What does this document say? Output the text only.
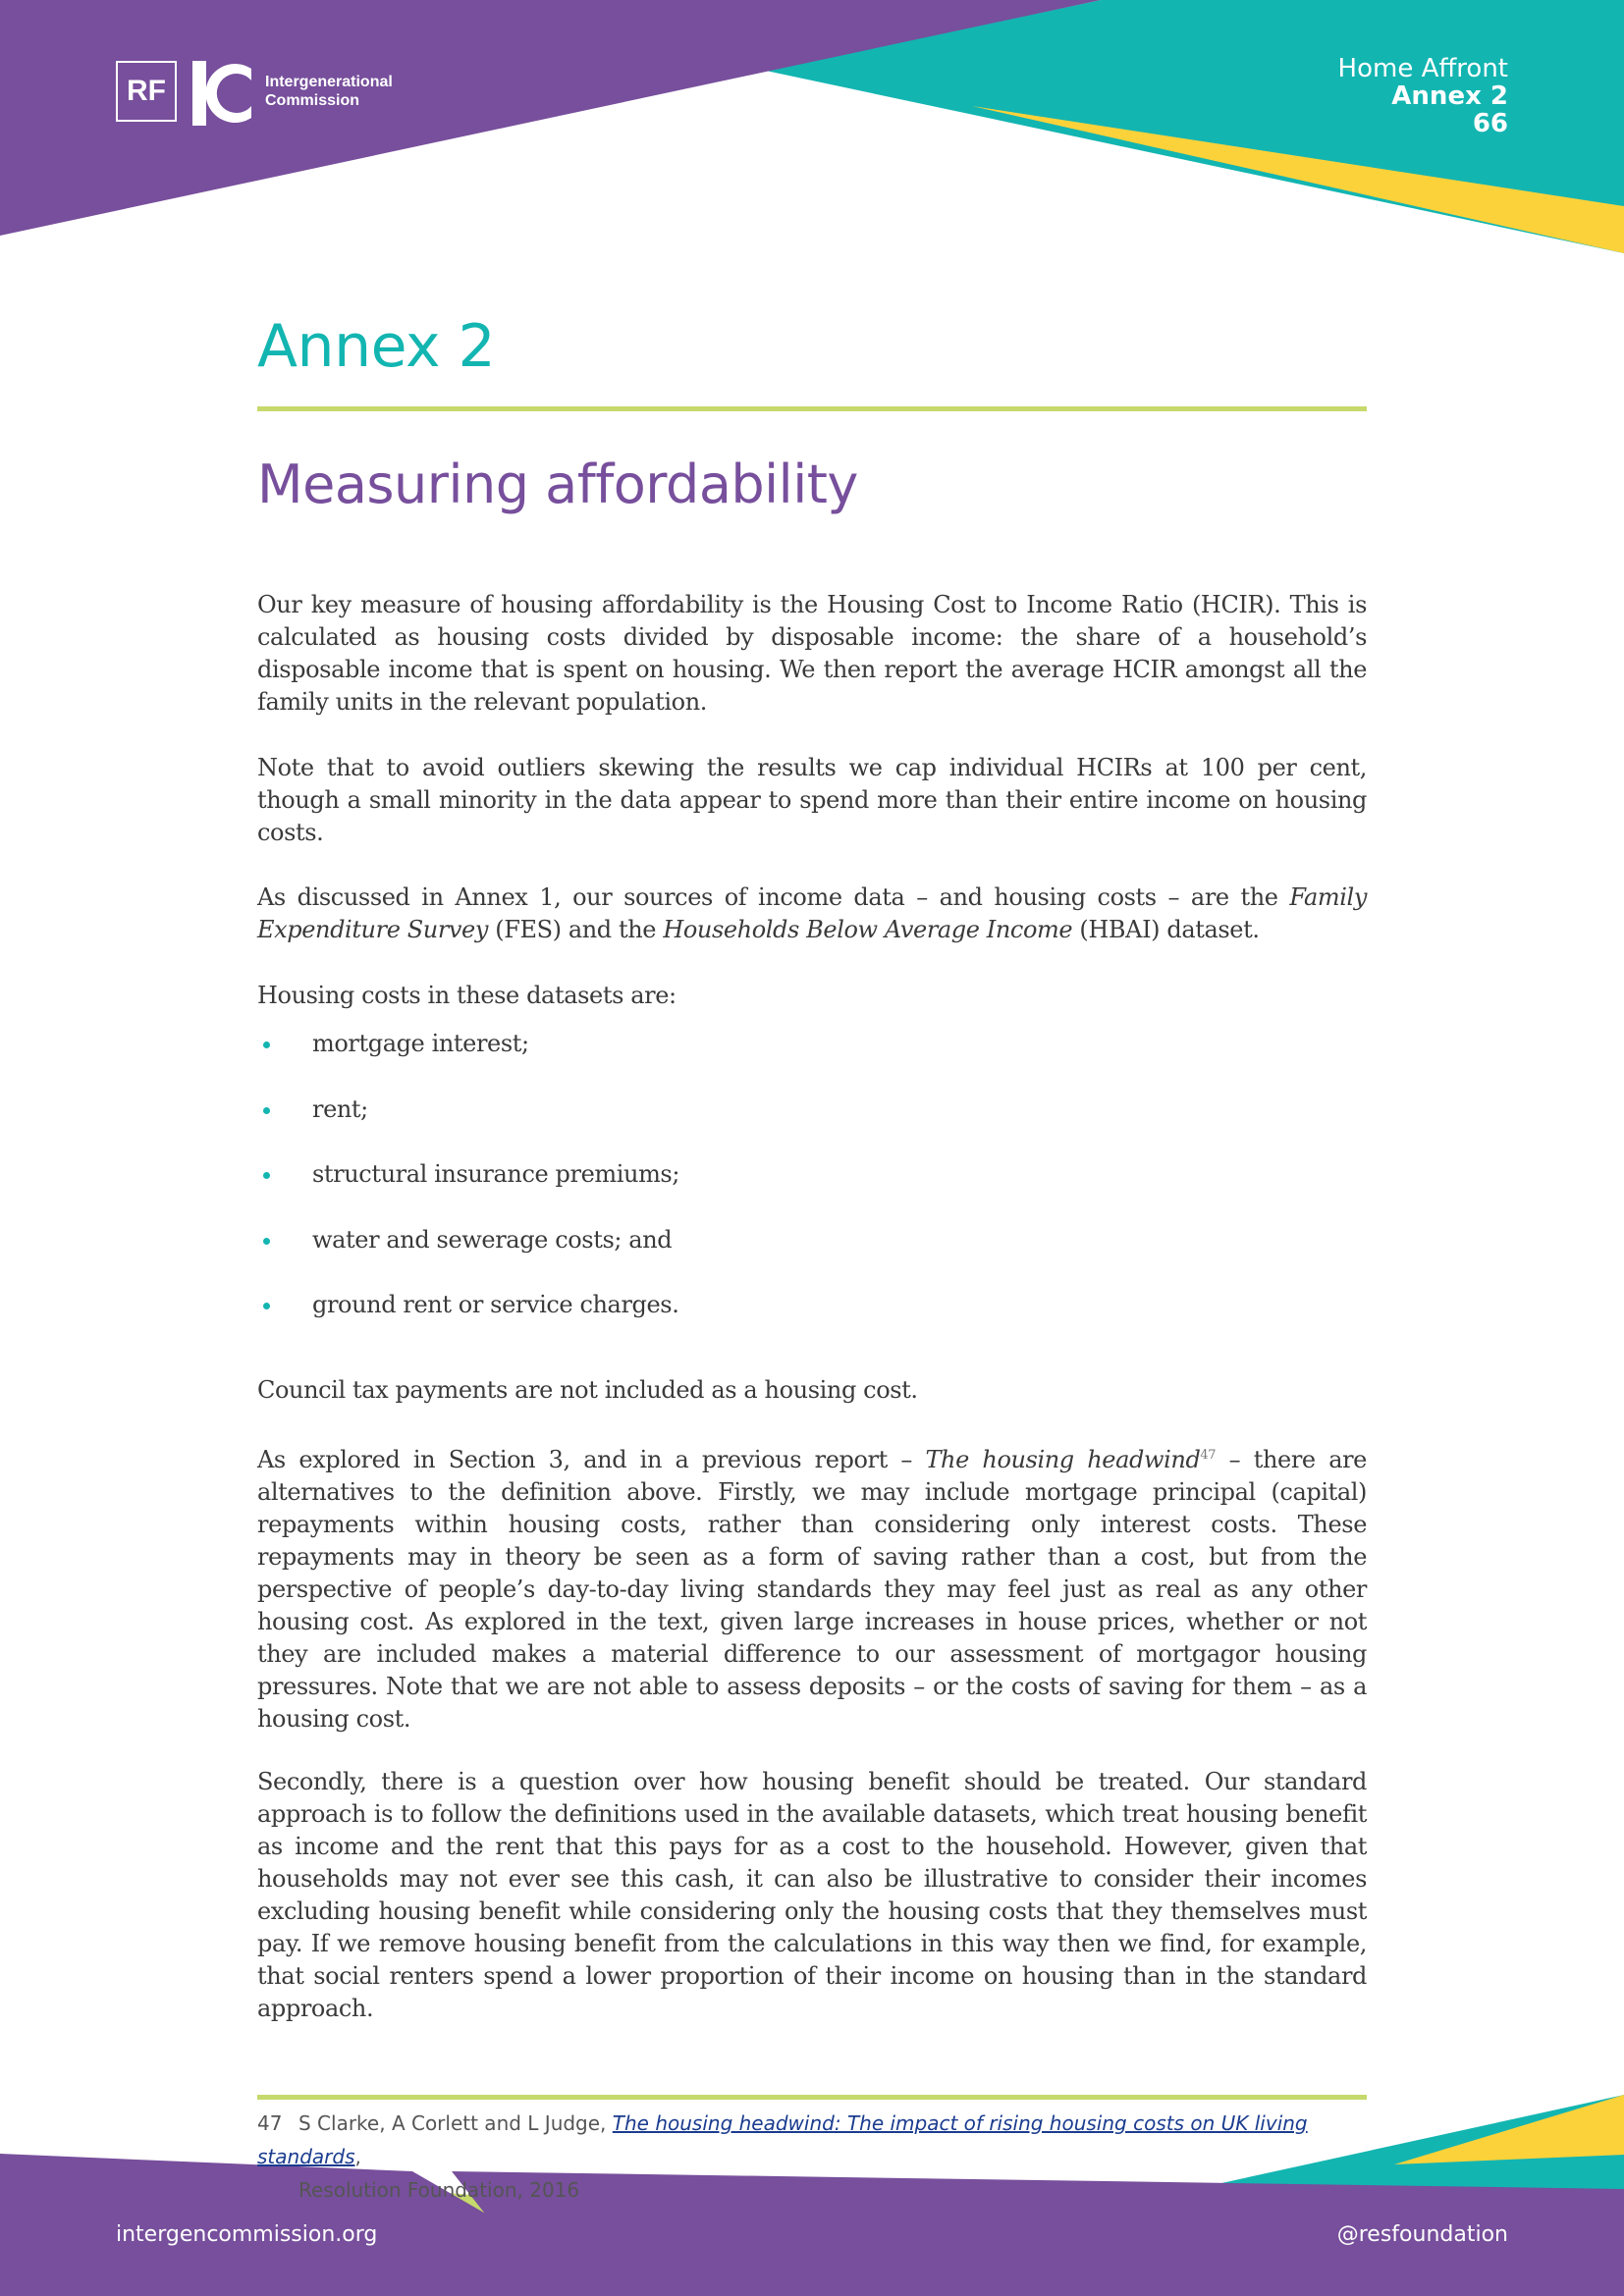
RF	Intergenerational
Commission
Home Affront
Annex 2
66
Annex 2
Measuring affordability

Our key measure of housing affordability is the Housing Cost to Income Ratio (HCIR). This is calculated as housing costs divided by disposable income: the share of a household’s disposable income that is spent on housing. We then report the average HCIR amongst all the family units in the relevant population.

Note that to avoid outliers skewing the results we cap individual HCIRs at 100 per cent, though a small minority in the data appear to spend more than their entire income on housing costs.

As discussed in Annex 1, our sources of income data – and housing costs – are the Family Expenditure Survey (FES) and the Households Below Average Income (HBAI) dataset.

Housing costs in these datasets are:

mortgage interest;
rent;
structural insurance premiums;
water and sewerage costs; and
ground rent or service charges.

Council tax payments are not included as a housing cost.

As explored in Section 3, and in a previous report – The housing headwind$^{47}$ – there are alternatives to the definition above. Firstly, we may include mortgage principal (capital) repayments within housing costs, rather than considering only interest costs. These repayments may in theory be seen as a form of saving rather than a cost, but from the perspective of people’s day-to-day living standards they may feel just as real as any other housing cost. As explored in the text, given large increases in house prices, whether or not they are included makes a material difference to our assessment of mortgagor housing pressures. Note that we are not able to assess deposits – or the costs of saving for them – as a housing cost.

Secondly, there is a question over how housing benefit should be treated. Our standard approach is to follow the definitions used in the available datasets, which treat housing benefit as income and the rent that this pays for as a cost to the household. However, given that households may not ever see this cash, it can also be illustrative to consider their incomes excluding housing benefit while considering only the housing costs that they themselves must pay. If we remove housing benefit from the calculations in this way then we find, for example, that social renters spend a lower proportion of their income on housing than in the standard approach.

47 S Clarke, A Corlett and L Judge, The housing headwind: The impact of rising housing costs on UK living standards,
Resolution Foundation, 2016
intergencommission.org	@resfoundation
